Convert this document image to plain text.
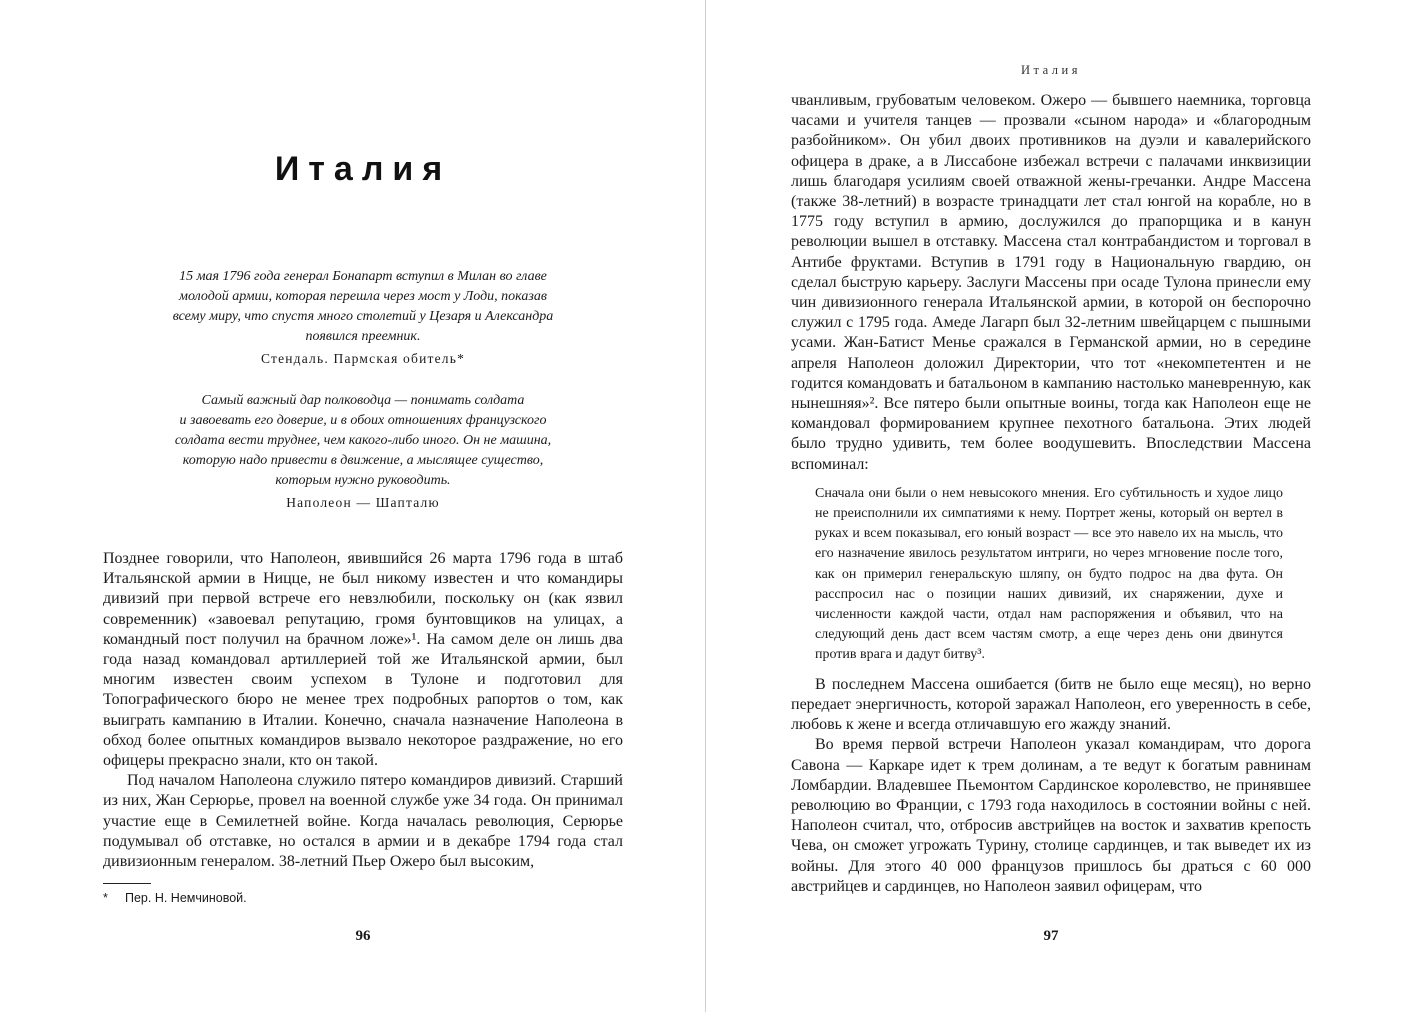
Италия

15 мая 1796 года генерал Бонапарт вступил в Милан во главе

молодой армии, которая перешла через мост у Лоди, показав

всему миру, что спустя много столетий у Цезаря и Александра

появился преемник.

Стендаль. Пармская обитель*

Самый важный дар полководца — понимать солдата

и завоевать его доверие, и в обоих отношениях французского

солдата вести труднее, чем какого-либо иного. Он не машина,

которую надо привести в движение, а мыслящее существо,

которым нужно руководить.

Наполеон — Шапталю

Позднее говорили, что Наполеон, явившийся 26 марта 1796 года в штаб Итальянской армии в Ницце, не был никому известен и что командиры дивизий при первой встрече его невзлюбили, поскольку он (как язвил современник) «завоевал репутацию, громя бунтовщиков на улицах, а командный пост получил на брачном ложе»¹. На самом деле он лишь два года назад командовал артиллерией той же Итальянской армии, был многим известен своим успехом в Тулоне и подготовил для Топографического бюро не менее трех подробных рапортов о том, как выиграть кампанию в Италии. Конечно, сначала назначение Наполеона в обход более опытных командиров вызвало некоторое раздражение, но его офицеры прекрасно знали, кто он такой.

Под началом Наполеона служило пятеро командиров дивизий. Старший из них, Жан Серюрье, провел на военной службе уже 34 года. Он принимал участие еще в Семилетней войне. Когда началась революция, Серюрье подумывал об отставке, но остался в армии и в декабре 1794 года стал дивизионным генералом. 38-летний Пьер Ожеро был высоким,

* Пер. Н. Немчиновой.
96
Италия

чванливым, грубоватым человеком. Ожеро — бывшего наемника, торговца часами и учителя танцев — прозвали «сыном народа» и «благородным разбойником». Он убил двоих противников на дуэли и кавалерийского офицера в драке, а в Лиссабоне избежал встречи с палачами инквизиции лишь благодаря усилиям своей отважной жены-гречанки. Андре Массена (также 38-летний) в возрасте тринадцати лет стал юнгой на корабле, но в 1775 году вступил в армию, дослужился до прапорщика и в канун революции вышел в отставку. Массена стал контрабандистом и торговал в Антибе фруктами. Вступив в 1791 году в Национальную гвардию, он сделал быструю карьеру. Заслуги Массены при осаде Тулона принесли ему чин дивизионного генерала Итальянской армии, в которой он беспорочно служил с 1795 года. Амеде Лагарп был 32-летним швейцарцем с пышными усами. Жан-Батист Менье сражался в Германской армии, но в середине апреля Наполеон доложил Директории, что тот «некомпетентен и не годится командовать и батальоном в кампанию настолько маневренную, как нынешняя»². Все пятеро были опытные воины, тогда как Наполеон еще не командовал формированием крупнее пехотного батальона. Этих людей было трудно удивить, тем более воодушевить. Впоследствии Массена вспоминал:

Сначала они были о нем невысокого мнения. Его субтильность и худое лицо не преисполнили их симпатиями к нему. Портрет жены, который он вертел в руках и всем показывал, его юный возраст — все это навело их на мысль, что его назначение явилось результатом интриги, но через мгновение после того, как он примерил генеральскую шляпу, он будто подрос на два фута. Он расспросил нас о позиции наших дивизий, их снаряжении, духе и численности каждой части, отдал нам распоряжения и объявил, что на следующий день даст всем частям смотр, а еще через день они двинутся против врага и дадут битву³.

В последнем Массена ошибается (битв не было еще месяц), но верно передает энергичность, которой заражал Наполеон, его уверенность в себе, любовь к жене и всегда отличавшую его жажду знаний.

Во время первой встречи Наполеон указал командирам, что дорога Савона — Каркаре идет к трем долинам, а те ведут к богатым равнинам Ломбардии. Владевшее Пьемонтом Сардинское королевство, не принявшее революцию во Франции, с 1793 года находилось в состоянии войны с ней. Наполеон считал, что, отбросив австрийцев на восток и захватив крепость Чева, он сможет угрожать Турину, столице сардинцев, и так выведет их из войны. Для этого 40 000 французов пришлось бы драться с 60 000 австрийцев и сардинцев, но Наполеон заявил офицерам, что

97
